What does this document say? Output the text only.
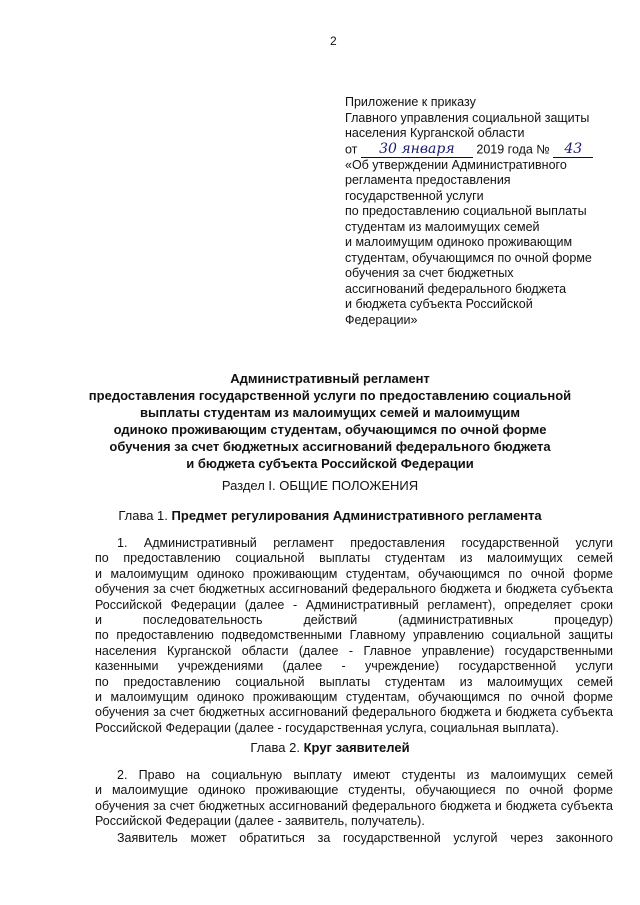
2
Приложение к приказу
Главного управления социальной защиты
населения Курганской области
от 30 января 2019 года № 43
«Об утверждении Административного
регламента предоставления
государственной услуги
по предоставлению социальной выплаты
студентам из малоимущих семей
и малоимущим одиноко проживающим
студентам, обучающимся по очной форме
обучения за счет бюджетных
ассигнований федерального бюджета
и бюджета субъекта Российской
Федерации»
Административный регламент
предоставления государственной услуги по предоставлению социальной
выплаты студентам из малоимущих семей и малоимущим
одиноко проживающим студентам, обучающимся по очной форме
обучения за счет бюджетных ассигнований федерального бюджета
и бюджета субъекта Российской Федерации
Раздел I. ОБЩИЕ ПОЛОЖЕНИЯ
Глава 1. Предмет регулирования Административного регламента
1. Административный регламент предоставления государственной услуги
по предоставлению социальной выплаты студентам из малоимущих семей
и малоимущим одиноко проживающим студентам, обучающимся по очной форме
обучения за счет бюджетных ассигнований федерального бюджета и бюджета субъекта
Российской Федерации (далее - Административный регламент), определяет сроки
и последовательность действий (административных процедур)
по предоставлению подведомственными Главному управлению социальной защиты
населения Курганской области (далее - Главное управление) государственными
казенными учреждениями (далее - учреждение) государственной услуги
по предоставлению социальной выплаты студентам из малоимущих семей
и малоимущим одиноко проживающим студентам, обучающимся по очной форме
обучения за счет бюджетных ассигнований федерального бюджета и бюджета субъекта
Российской Федерации (далее - государственная услуга, социальная выплата).
Глава 2. Круг заявителей
2. Право на социальную выплату имеют студенты из малоимущих семей
и малоимущие одиноко проживающие студенты, обучающиеся по очной форме
обучения за счет бюджетных ассигнований федерального бюджета и бюджета субъекта
Российской Федерации (далее - заявитель, получатель).
Заявитель может обратиться за государственной услугой через законного
